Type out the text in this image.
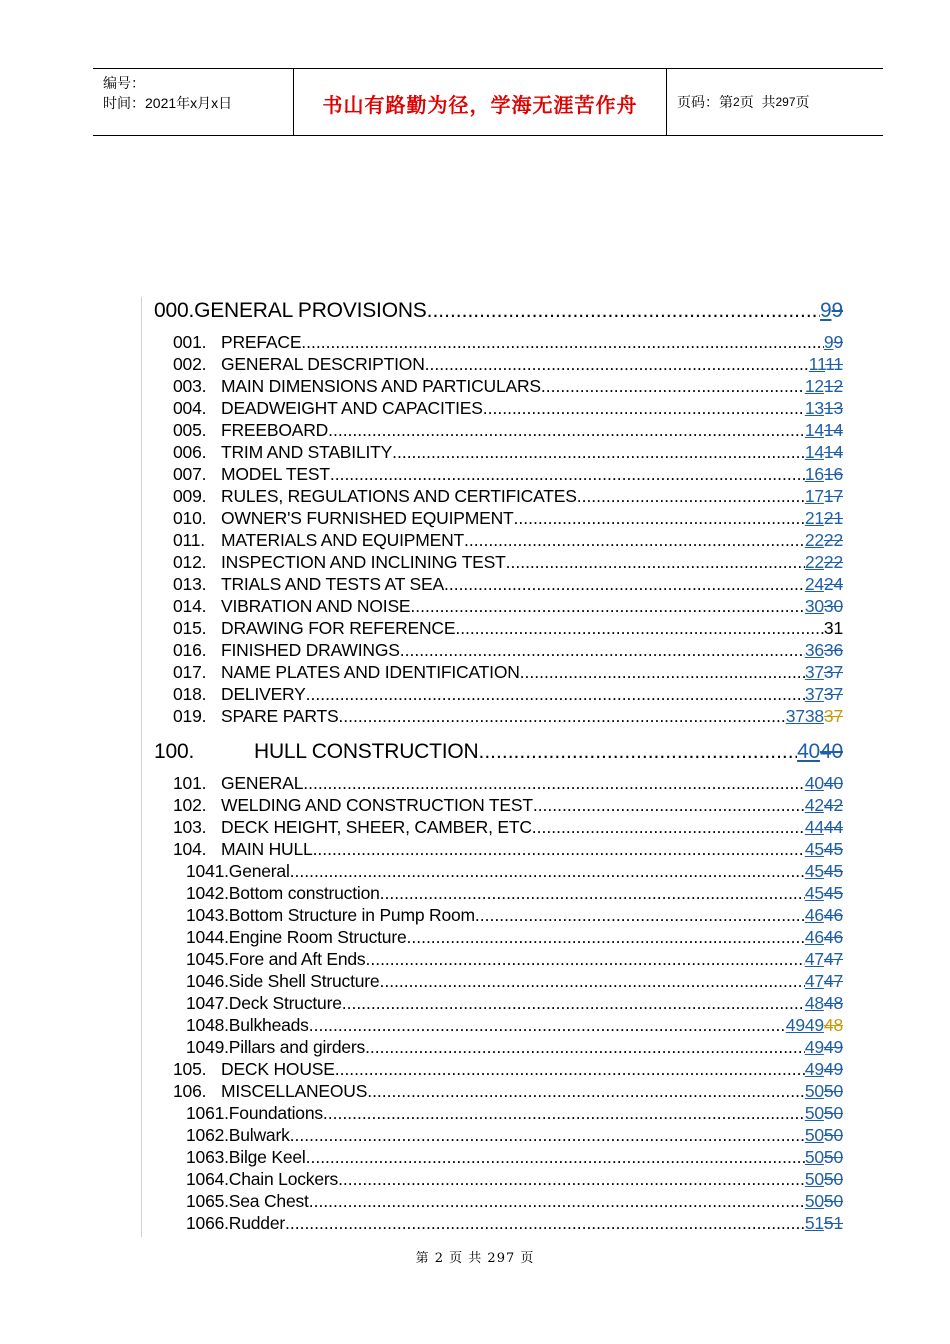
编号：
时间：2021年x月x日	书山有路勤为径，学海无涯苦作舟	页码：第 2 页  共 297 页
000. GENERAL PROVISIONS .....	99
001. PREFACE .....	99
002. GENERAL DESCRIPTION .....	1111
003. MAIN DIMENSIONS AND PARTICULARS .....	1212
004. DEADWEIGHT AND CAPACITIES .....	1313
005. FREEBOARD .....	1414
006. TRIM AND STABILITY .....	1414
007. MODEL TEST .....	1616
009. RULES, REGULATIONS AND CERTIFICATES .....	1717
010. OWNER'S FURNISHED EQUIPMENT .....	2121
011. MATERIALS AND EQUIPMENT .....	2222
012. INSPECTION AND INCLINING TEST .....	2222
013. TRIALS AND TESTS AT SEA .....	2424
014. VIBRATION AND NOISE .....	3030
015. DRAWING FOR REFERENCE .....	31
016. FINISHED DRAWINGS .....	3636
017. NAME PLATES AND IDENTIFICATION .....	3737
018. DELIVERY .....	3737
019. SPARE PARTS .....	373837
100.	HULL CONSTRUCTION .....	4040
101. GENERAL .....	4040
102. WELDING AND CONSTRUCTION TEST .....	4242
103. DECK HEIGHT, SHEER, CAMBER, ETC .....	4444
104. MAIN HULL .....	4545
1041. General .....	4545
1042. Bottom construction .....	4545
1043. Bottom Structure in Pump Room .....	4646
1044. Engine Room Structure .....	4646
1045. Fore and Aft Ends .....	4747
1046. Side Shell Structure .....	4747
1047. Deck Structure .....	4848
1048. Bulkheads .....	494948
1049. Pillars and girders .....	4949
105. DECK HOUSE .....	4949
106. MISCELLANEOUS .....	5050
1061. Foundations .....	5050
1062. Bulwark .....	5050
1063. Bilge Keel .....	5050
1064. Chain Lockers .....	5050
1065. Sea Chest .....	5050
1066. Rudder .....	5151
第 2 页 共 297 页
